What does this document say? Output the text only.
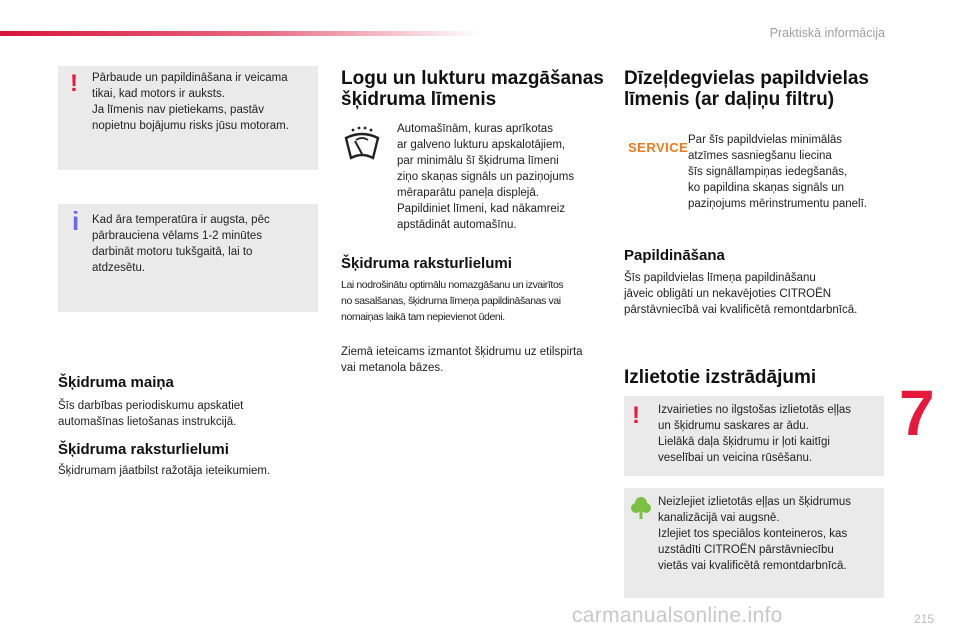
Praktiskā informācija
! Pārbaude un papildināšana ir veicama
tikai, kad motors ir auksts.
Ja līmenis nav pietiekams, pastāv
nopietnu bojājumu risks jūsu motoram.
i Kad āra temperatūra ir augsta, pēc
pārbrauciena vēlams 1-2 minūtes
darbināt motoru tukšgaitā, lai to
atdzesētu.
Šķidruma maiņa
Šīs darbības periodiskumu apskatiet
automašīnas lietošanas instrukcijā.
Šķidruma raksturlielumi
Šķidrumam jāatbilst ražotāja ieteikumiem.
Logu un lukturu mazgāšanas
šķidruma līmenis
Automašīnām, kuras aprīkotas
ar galveno lukturu apskalotājiem,
par minimālu šī šķidruma līmeni
ziņo skaņas signāls un paziņojums
mēraparātu paneļa displejā.
Papildiniet līmeni, kad nākamreiz
apstādināt automašīnu.
Šķidruma raksturlielumi
Lai nodrošinātu optimālu nomazgāšanu un izvairītos
no sasalšanas, šķidruma līmeņa papildināšanas vai
nomaiņas laikā tam nepievienot ūdeni.
Ziemā ieteicams izmantot šķidrumu uz etilspirta
vai metanola bāzes.
Dīzeļdegvielas papildvielas
līmenis (ar daļiņu filtru)
SERVICE Par šīs papildvielas minimālās
atzīmes sasniegšanu liecina
šīs signāllampiņas iedegšanās,
ko papildina skaņas signāls un
paziņojums mērinstrumentu panelī.
Papildināšana
Šīs papildvielas līmeņa papildināšanu
jāveic obligāti un nekavējoties CITROËN
pārstāvniecībā vai kvalificētā remontdarbnīcā.
Izlietotie izstrādājumi
! Izvairieties no ilgstošas izlietotās eļļas
un šķidrumu saskares ar ādu.
Lielākā daļa šķidrumu ir ļoti kaitīgi
veselībai un veicina rūsēšanu.
Neizlejiet izlietotās eļļas un šķidrumus
kanalizācijā vai augsnē.
Izlejiet tos speciālos konteineros, kas
uzstādīti CITROËN pārstāvniecību
vietās vai kvalificētā remontdarbnīcā.
7
carmanualsonline.info	215
